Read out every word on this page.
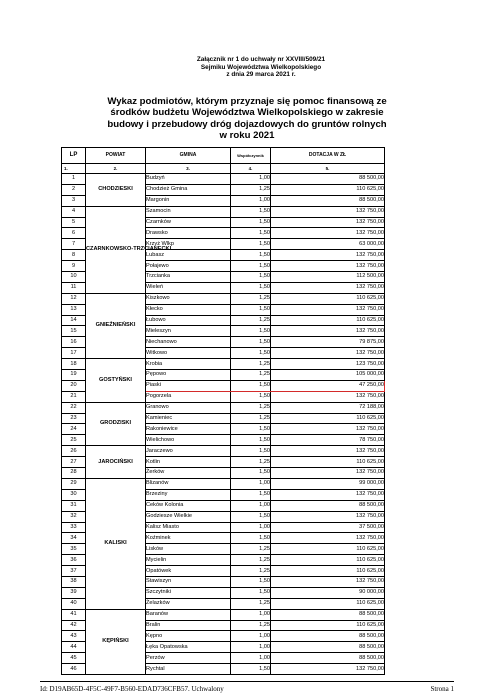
Załącznik nr 1 do uchwały nr XXVIII/509/21
Sejmiku Województwa Wielkopolskiego
z dnia 29 marca 2021 r.
Wykaz podmiotów, którym przyznaje się pomoc finansową ze
środków budżetu Województwa Wielkopolskiego w zakresie
budowy i przebudowy dróg dojazdowych do gruntów rolnych
w roku 2021
LP	POWIAT	GMINA	Współczynnik	DOTACJA W ZŁ
1.	2.	3.	4.	5.
1	CHODZIESKI	Budzyń	1,00	88 500,00
2		Chodzież Gmina	1,25	110 625,00
3		Margonin	1,00	88 500,00
4	CZARNKOWSKO-TRZCIANECKI	Szamocin	1,50	132 750,00
5		Czarnków	1,50	132 750,00
6		Drawsko	1,50	132 750,00
7		Krzyż Wlkp	1,50	63 000,00
8		Lubasz	1,50	132 750,00
9		Połajewo	1,50	132 750,00
10		Trzcianka	1,50	112 500,00
11		Wieleń	1,50	132 750,00
12	GNIEŹNIEŃSKI	Kiszkowo	1,25	110 625,00
13		Kłecko	1,50	132 750,00
14		Łubowo	1,25	110 625,00
15		Mieleszyn	1,50	132 750,00
16		Niechanowo	1,50	79 875,00
17		Witkowo	1,50	132 750,00
18	GOSTYŃSKI	Krobia	1,25	123 750,00
19		Pępowo	1,25	105 000,00
20		Piaski	1,50	47 250,00
21		Pogorzela	1,50	132 750,00
22	GRODZISKI	Granowo	1,25	72 188,00
23		Kamieniec	1,25	110 625,00
24		Rakoniewice	1,50	132 750,00
25		Wielichowo	1,50	78 750,00
26	JAROCIŃSKI	Jaraczewo	1,50	132 750,00
27		Kotlin	1,25	110 625,00
28		Żerków	1,50	132 750,00
29	KALISKI	Blizanów	1,00	99 000,00
30		Brzeziny	1,50	132 750,00
31		Ceków Kolonia	1,00	88 500,00
32		Godziesze Wielkie	1,50	132 750,00
33		Kalisz Miasto	1,00	37 500,00
34		Koźminek	1,50	132 750,00
35		Lisków	1,25	110 625,00
36		Mycielin	1,25	110 625,00
37		Opatówek	1,25	110 625,00
38		Stawiszyn	1,50	132 750,00
39		Szczytniki	1,50	90 000,00
40		Żelazków	1,25	110 625,00
41	KĘPIŃSKI	Baranów	1,00	88 500,00
42		Bralin	1,25	110 625,00
43		Kępno	1,00	88 500,00
44		Łęka Opatowska	1,00	88 500,00
45		Perzów	1,00	88 500,00
46		Rychtal	1,50	132 750,00
Id: D19AB65D-4F5C-49F7-B560-EDAD736CFB57. Uchwalony	Strona 1
